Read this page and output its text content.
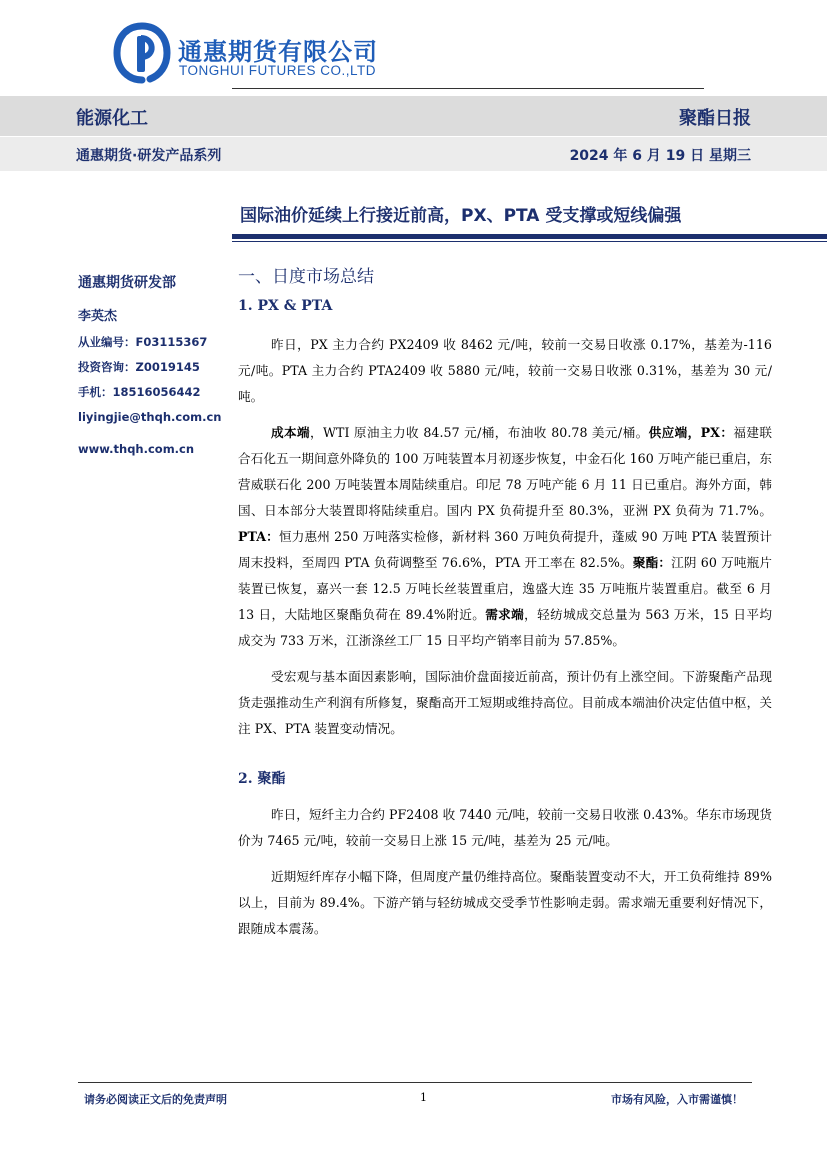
通惠期货有限公司
TONGHUI FUTURES CO.,LTD
能源化工	聚酯日报
通惠期货·研发产品系列	2024 年 6 月 19 日 星期三
国际油价延续上行接近前高，PX、PTA 受支撑或短线偏强
通惠期货研发部
李英杰
从业编号：F03115367
投资咨询：Z0019145
手机：18516056442
liyingjie@thqh.com.cn
www.thqh.com.cn
一、日度市场总结
1. PX & PTA

昨日，PX 主力合约 PX2409 收 8462 元/吨，较前一交易日收涨 0.17%，基差为-116 元/吨。PTA 主力合约 PTA2409 收 5880 元/吨，较前一交易日收涨 0.31%，基差为 30 元/吨。

成本端，WTI 原油主力收 84.57 元/桶，布油收 80.78 美元/桶。供应端，PX：福建联合石化五一期间意外降负的 100 万吨装置本月初逐步恢复，中金石化 160 万吨产能已重启，东营威联石化 200 万吨装置本周陆续重启。印尼 78 万吨产能 6 月 11 日已重启。海外方面，韩国、日本部分大装置即将陆续重启。国内 PX 负荷提升至 80.3%，亚洲 PX 负荷为 71.7%。PTA：恒力惠州 250 万吨落实检修，新材料 360 万吨负荷提升，蓬威 90 万吨 PTA 装置预计周末投料，至周四 PTA 负荷调整至 76.6%，PTA 开工率在 82.5%。聚酯：江阴 60 万吨瓶片装置已恢复，嘉兴一套 12.5 万吨长丝装置重启，逸盛大连 35 万吨瓶片装置重启。截至 6 月 13 日，大陆地区聚酯负荷在 89.4%附近。需求端，轻纺城成交总量为 563 万米，15 日平均成交为 733 万米，江浙涤丝工厂 15 日平均产销率目前为 57.85%。

受宏观与基本面因素影响，国际油价盘面接近前高，预计仍有上涨空间。下游聚酯产品现货走强推动生产利润有所修复，聚酯高开工短期或维持高位。目前成本端油价决定估值中枢，关注 PX、PTA 装置变动情况。

2. 聚酯

昨日，短纤主力合约 PF2408 收 7440 元/吨，较前一交易日收涨 0.43%。华东市场现货价为 7465 元/吨，较前一交易日上涨 15 元/吨，基差为 25 元/吨。

近期短纤库存小幅下降，但周度产量仍维持高位。聚酯装置变动不大，开工负荷维持 89%以上，目前为 89.4%。下游产销与轻纺城成交受季节性影响走弱。需求端无重要利好情况下，跟随成本震荡。

请务必阅读正文后的免责声明	1	市场有风险，入市需谨慎！
